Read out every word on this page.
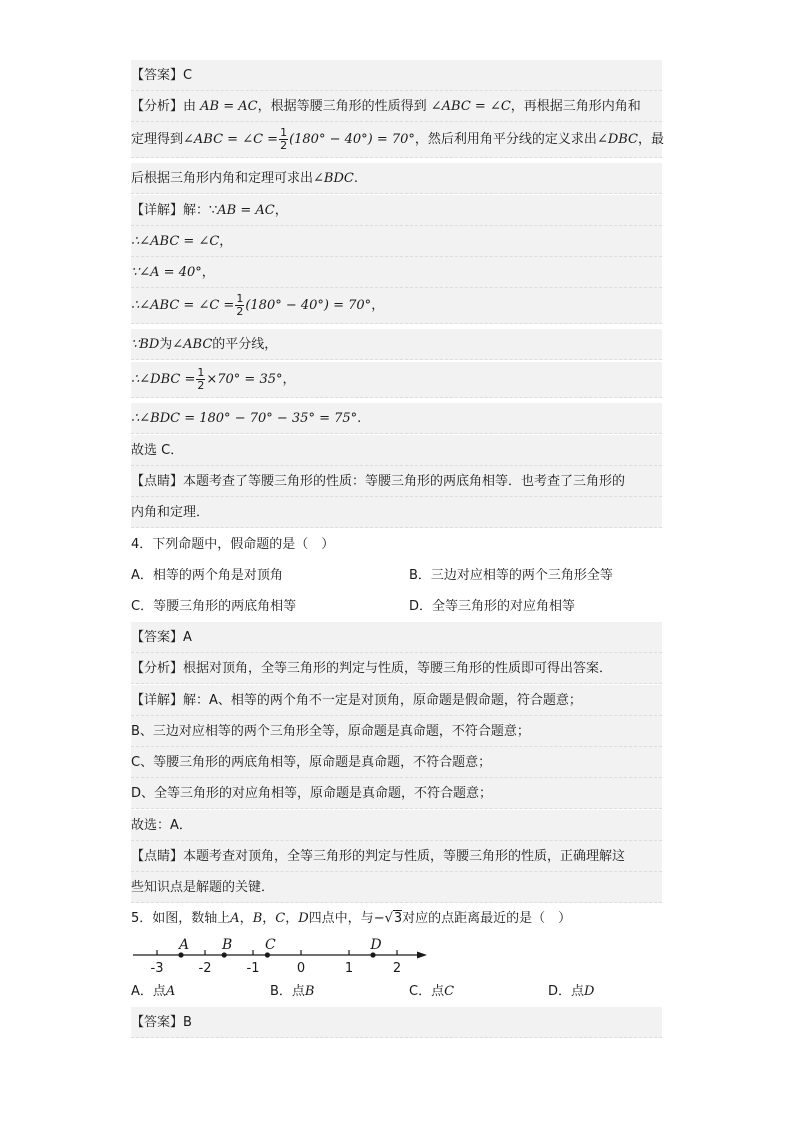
【答案】C
【分析】由 AB = AC，根据等腰三角形的性质得到 ∠ABC = ∠C，再根据三角形内角和
定理得到∠ABC = ∠C = $\frac{1}{2} (180^\circ - 40^\circ) = 70^\circ$，然后利用角平分线的定义求出∠DBC，最
后根据三角形内角和定理可求出∠BDC.
【详解】解：∵AB = AC，
∴∠ABC = ∠C，
∵∠A = 40°，
∴∠ABC = ∠C = $\frac{1}{2} (180^\circ - 40^\circ) = 70^\circ$，
∵BD为∠ABC的平分线，
∴∠DBC = $\frac{1}{2} \times 70^\circ = 35^\circ$，
∴∠BDC = 180° − 70° − 35° = 75°.
故选 C．
【点睛】本题考查了等腰三角形的性质：等腰三角形的两底角相等．也考查了三角形的
内角和定理．
4．下列命题中，假命题的是（　）
A．相等的两个角是对顶角	B．三边对应相等的两个三角形全等
C．等腰三角形的两底角相等	D．全等三角形的对应角相等
【答案】A
【分析】根据对顶角，全等三角形的判定与性质，等腰三角形的性质即可得出答案．
【详解】解：A、相等的两个角不一定是对顶角，原命题是假命题，符合题意；
B、三边对应相等的两个三角形全等，原命题是真命题，不符合题意；
C、等腰三角形的两底角相等，原命题是真命题，不符合题意；
D、全等三角形的对应角相等，原命题是真命题，不符合题意；
故选：A．
【点睛】本题考查对顶角，全等三角形的判定与性质，等腰三角形的性质，正确理解这
些知识点是解题的关键．
5．如图，数轴上A，B，C，D四点中，与−√3对应的点距离最近的是（　）
-3	-2	-1	0	1	2
A B C	D
A．点A	B．点B	C．点C	D．点D
【答案】B
